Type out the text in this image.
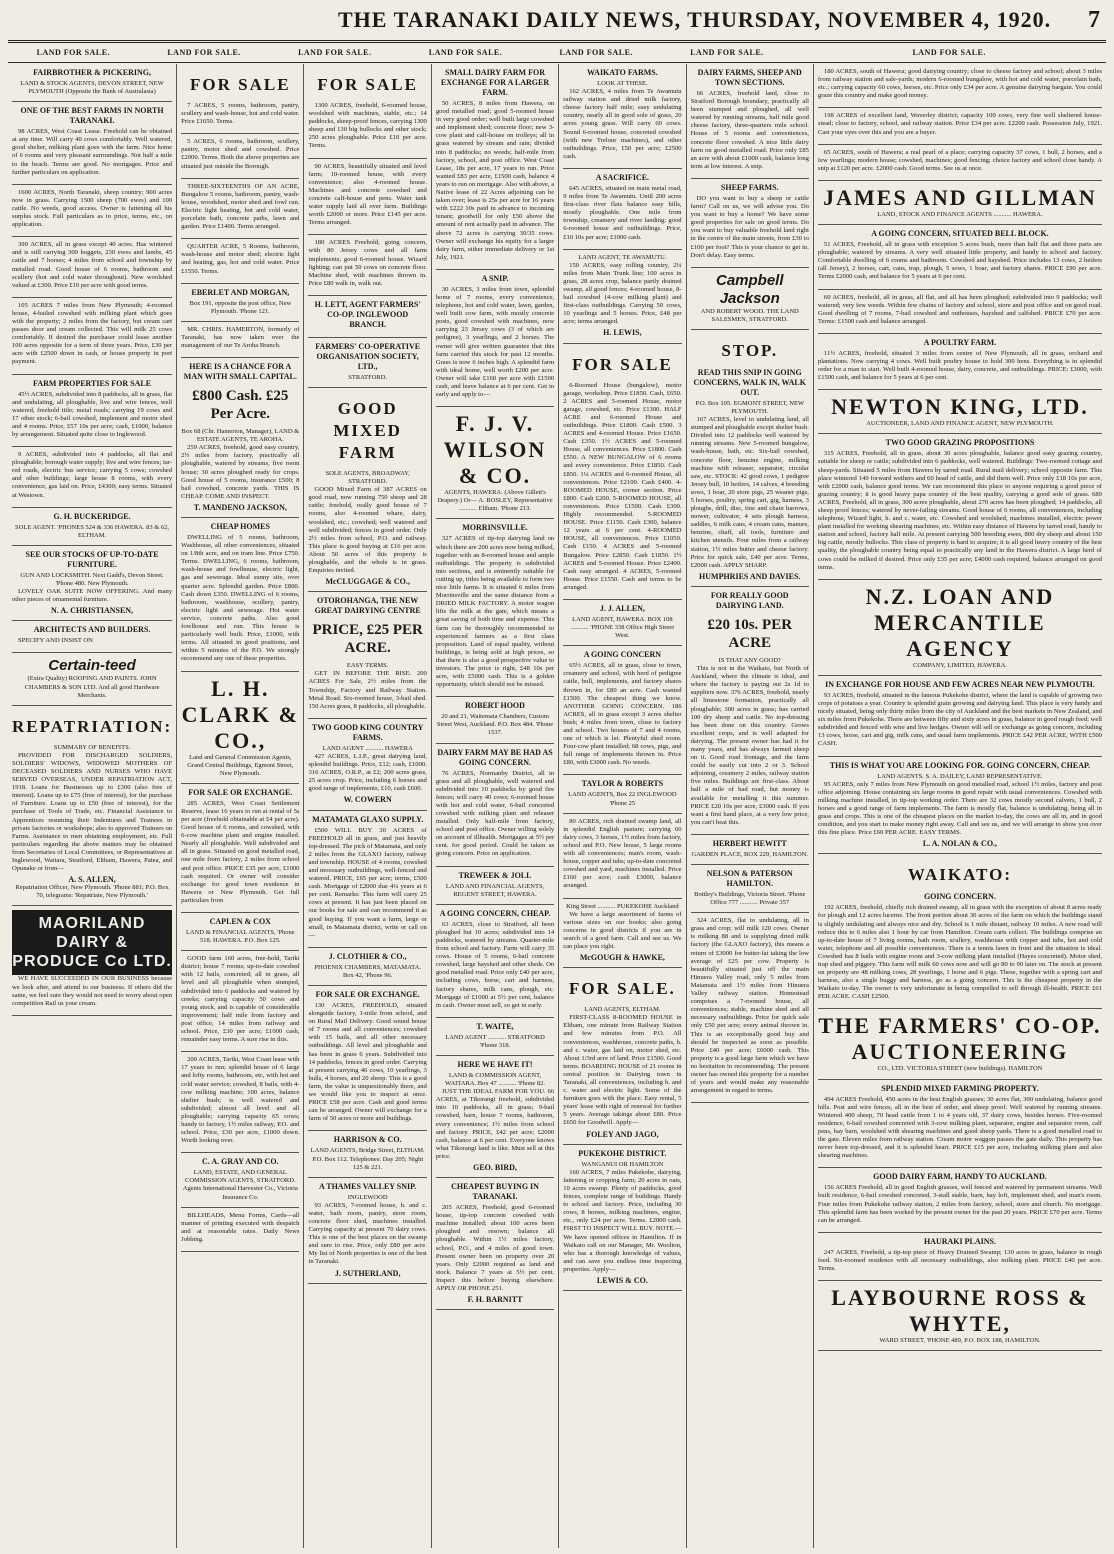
THE TARANAKI DAILY NEWS, THURSDAY, NOVEMBER 4, 1920. 7
LAND FOR SALE.	LAND FOR SALE.	LAND FOR SALE.	LAND FOR SALE.	LAND FOR SALE.	LAND FOR SALE.	LAND FOR SALE.
FAIRBROTHER & PICKERING,
LAND & STOCK AGENTS, DEVON STREET, NEW PLYMOUTH (Opposite the Bank of Australasia)
ONE OF THE BEST FARMS IN NORTH TARANAKI.

98 ACRES, West Coast Lease. Freehold can be obtained at any time. Will carry 40 cows comfortably. Well watered, good shelter, milking plant goes with the farm. Nice home of 6 rooms and very pleasant surroundings. Not half a mile to the beach. Terms are good. No mortgages. Price and further particulars on application.

1600 ACRES, North Taranaki, sheep country; 900 acres now in grass. Carrying 1500 sheep (700 ewes) and 100 cattle. No weeds, good access. Owner is fattening all his surplus stock. Full particulars as to price, terms, etc., on application.

390 ACRES, all in grass except 40 acres. Has wintered and is still carrying 300 hoggets, 230 ewes and lambs, 45 cattle and 7 horses; 4 miles from school and township by metalled road. Good house of 6 rooms, bathroom and scullery (hot and cold water throughout). New woolshed valued at £300. Price £10 per acre with good terms.

105 ACRES 7 miles from New Plymouth; 4-roomed house, 4-bailed cowshed with milking plant which goes with the property; 2 miles from the factory, but cream cart passes door and cream collected. This will milk 25 cows comfortably. If desired the purchaser could lease another 100 acres opposite for a term of three years. Price, £30 per acre with £2500 down in cash, or house property in port payment.

FARM PROPERTIES FOR SALE

45½ ACRES, subdivided into 8 paddocks, all in grass, flat and undulating, all ploughable, live and wire fences, well watered, freehold title; metal roads; carrying 19 cows and 17 other stock; 6-bail cowshed, implement and motor shed and 4 rooms. Price, £57 10s per acre; cash, £1000, balance by arrangement. Situated quite close to Inglewood.

9 ACRES, subdivided into 4 paddocks, all flat and ploughable; borough water supply; live and wire fences; tar-red roads, electric bus service; carrying 5 cows; cowshed and other buildings; large house 8 rooms, with every convenience, gas laid on. Price, £4300; easy terms. Situated at Westown.

G. H. BUCKERIDGE.
SOLE AGENT. 'PHONES 524 & 336 HAWERA. 83 & 62, ELTHAM.
SEE OUR STOCKS OF UP-TO-DATE FURNITURE.
GUN AND LOCKSMITH. Next Gadd's, Devon Street. 'Phone 480. New Plymouth.

LOVELY OAK SUITE NOW OFFERING. And many other pieces of ornamental furniture.

N. A. CHRISTIANSEN,
ARCHITECTS AND BUILDERS.

SPECIFY AND INSIST ON

Certain-teed
(Extra Quality) ROOFING AND PAINTS. JOHN CHAMBERS & SON LTD. And all good Hardware Merchants.
REPATRIATION:
SUMMARY OF BENEFITS.

PROVIDED FOR DISCHARGED SOLDIERS, SOLDIERS' WIDOWS, WIDOWED MOTHERS OF DECEASED SOLDIERS AND NURSES WHO HAVE SERVED OVERSEAS, UNDER REPATRIATION ACT, 1918. Loans for Businesses up to £300 (also free of interest). Loans up to £75 (free of interest), for the purchase of Furniture. Loans up to £50 (free of interest), for the purchase of Tools of Trade, etc. Financial Assistance to Apprentices resuming their Indentures and Trainees in private factories or workshops; also to approved Trainees on Farms. Assistance to men obtaining employment, etc. Full particulars regarding the above matters may be obtained from Secretaries of Local Committees, or Representatives at Inglewood, Waitara, Stratford, Eltham, Hawera, Patea, and Opunake or from—

A. S. ALLEN,
Repatriation Officer, New Plymouth. 'Phone 881; P.O. Box 70, telegrams: 'Repatriate, New Plymouth.'
MAORILAND DAIRY & PRODUCE Co LTD.

WE HAVE SUCCEEDED IN OUR BUSINESS because we look after, and attend to our business. If others did the same, we feel sure they would not need to worry about open competition Rail us your cream.

FOR SALE

7 ACRES, 5 rooms, bathroom, pantry, scullery and wash-house, hot and cold water. Price £1650. Terms.

5 ACRES, 6 rooms, bathroom, scullery, pantry, motor shed and cowshed. Price £2000. Terms. Both the above properties are situated just outside the Borough.

THREE-SIXTEENTHS OF AN ACRE, Bungalow 5 rooms, bathroom, pantry, wash-house, woodshed, motor shed and fowl run. Electric light heating, hot and cold water, porcelain bath, concrete paths, lawn and garden. Price £1400. Terms arranged.

QUARTER ACRE, 5 Rooms, bathroom, wash-house and motor shed; electric light and heating, gas, hot and cold water. Price £1550. Terms.

EBERLET AND MORGAN,
Box 191, opposite the post office, New Plymouth. 'Phone 121.

MR. CHRIS. HAMERTON, formerly of Taranaki, has now taken over the management of our Te Aroha Branch.

HERE IS A CHANCE FOR A MAN WITH SMALL CAPITAL.
£800 Cash. £25 Per Acre.
Box 68 (Chr. Hamerton, Manager), LAND & ESTATE AGENTS, TE AROHA.

259 ACRES, freehold, good easy country, 2½ miles from factory, practically all ploughable, watered by streams, five room house; 30 acres ploughed ready for crops. Good house of 5 rooms, insurance £500; 8 bail cowshed, concrete yards. THIS IS CHEAP. COME AND INSPECT.

T. MANDENO JACKSON,
CHEAP HOMES

DWELLING of 5 rooms, bathroom, Washhouse, all other conveniences, situated on 1/8th acre, and on tram line. Price £750. Terms. DWELLING, 6 rooms, bathroom, wash-house and fowlhouse, electric light, gas and sewerage. Ideal sunny site, over quarter acre. Splendid garden. Price £800. Cash down £350. DWELLING of 6 rooms, bathroom, washhouse, scullery, pantry, electric light and sewerage. Hot water service, concrete paths. Also good fowlhouse and run. This house is particularly well built. Price, £1000, with terms. All situated in good positions, and within 5 minutes of the P.O. We strongly recommend any one of these properties.

L. H. CLARK & CO.,
Land and General Commission Agents, Grand Central Buildings, Egmont Street, New Plymouth.
FOR SALE OR EXCHANGE.

285 ACRES, West Coast Settlement Reserve, lease 16 years to run at rental of 5s per acre (freehold obtainable at £4 per acre). Good house of 6 rooms, and cowshed, with 6-cow machine plant and engine installed. Nearly all ploughable. Well subdivided and all in grass. Situated on good metalled road, one mile from factory, 2 miles from school and post office. PRICE £35 per acre, £1000 cash required. Or owner will consider exchange for good town residence in Hawera or New Plymouth. Get full particulars from

CAPLEN & COX
LAND & FINANCIAL AGENTS, 'Phone 518. HAWERA. P.O. Box 125.

GOOD farm 160 acres, free-hold, Tariki district; house 7 rooms; up-to-date cowshed with 12 bails, concreted; all in grass, all level and all ploughable when stumped, subdivided into 6 paddocks and watered by creeks; carrying capacity 50 cows and young stock, and is capable of considerable improvement; half mile from factory and post office, 14 miles from railway and school. Price, £30 per acre; £1000 cash, remainder easy terms. A sure rise in this.

200 ACRES, Tariki, West Coast lease with 17 years to run; splendid house of 6 large and lofty rooms, bathroom, etc, with hot and cold water service; cowshed, 8 bails, with 4-cow milking machine; 100 acres, balance shelter bush; is well watered and subdivided; almost all level and all ploughable; carrying capacity 65 cows; handy to factory, 1½ miles railway, P.O. and school. Price, £30 per acre, £1000 down. Worth looking over.

C. A. GRAY AND CO.
LAND, ESTATE, AND GENERAL COMMISSION AGENTS, STRATFORD. Agents International Harvester Co., Victoria Insurance Co.

BILLHEADS, Menu Forms, Cards—all manner of printing executed with despatch and at reasonable rates. Daily News Jobbing.

FOR SALE

1300 ACRES, freehold, 6-roomed house, woolshed with machines, stable, etc.; 14 paddocks, sheep-proof fences, carrying 1300 sheep and 130 big bullocks and other stock; 250 acres ploughable. Price £10 per acre. Terms.

90 ACRES, beautifully situated and level farm; 10-roomed house, with every convenience; also 4-roomed house. Machines and concrete cowshed and concrete calf-house and pens. Water tank water supply laid all over farm. Buildings worth £2000 or more. Price £145 per acre. Terms arranged.

180 ACRES Freehold, going concern, with 80 Jersey cows and all farm implements; good 6-roomed house. Wizard lighting; can put 50 cows on concrete floor. Machine shed, with machines thrown in. Price £80 walk in, walk out.

H. LETT, AGENT FARMERS' CO-OP. INGLEWOOD BRANCH.
FARMERS' CO-OPERATIVE ORGANISATION SOCIETY, LTD.,
STRATFORD.
GOOD MIXED FARM
SOLE AGENTS, BROADWAY, STRATFORD.

GOOD Mixed Farm of 387 ACRES on good road, now running 750 sheep and 28 cattle; freehold, really good house of 7 rooms, also 4-roomed whare, dairy, woolshed, etc.; cowshed; well watered and well subdivided; fences in good order. Only 2½ miles from school, P.O. and railway. This place is good buying at £16 per acre. About 50 acres of this property is ploughable, and the whole is in grass. Enquiries invited.

McCLUGGAGE & CO.,
OTOROHANGA, THE NEW GREAT DAIRYING CENTRE
PRICE, £25 PER ACRE.
EASY TERMS.

GET IN BEFORE THE RISE. 200 ACRES For Sale, 2½ miles from the Township, Factory and Railway Station. Metal Road. Six-roomed house, 3-bail shed. 150 Acres grass, 8 paddocks, all ploughable.

TWO GOOD KING COUNTRY FARMS.
LAND AGENT ........... HAWERA

427 ACRES, L.I.P., great dairying land, splendid buildings. Price, £12; cash, £1000. 316 ACRES, O.R.P., at £2; 200 acres grass, 25 acres crop. Price, including 6 horses and good range of implements, £10, cash £600.

W. COWERN
MATAMATA GLAXO SUPPLY.

£500 WILL BUY 30 ACRES of FREEHOLD all in grass, and just heavily top-dressed. The pick of Matamata, and only 2 miles from the GLAXO factory, railway and township. HOUSE of 4 rooms, cowshed and necessary outbuildings, well-fenced and watered. PRICE, £65 per acre; terms, £500 cash. Mortgage of £2000 due 4¼ years at 6 per cent. Remarks: This farm will carry 25 cows at present. It has just been placed on our books for sale and can recommend it as good buying. If you want a farm, large or small, in Matamata district, write or call on—

J. CLOTHIER & CO.,
PHOENIX CHAMBERS, MATAMATA. Box 42, 'Phone 96.
FOR SALE OR EXCHANGE.

130 ACRES, FREEHOLD, situated alongside factory, 1-mile from school, and on Rural Mail Delivery. Good sound house of 7 rooms and all conveniences; cowshed with 15 bails, and all other necessary outbuildings. All level and ploughable and has been in grass 6 years. Subdivided into 14 paddocks, fences in good order. Carrying at present carrying 46 cows, 10 yearlings, 3 bulls, 4 horses, and 20 sheep. This is a good farm, the value is unquestionably there, and we would like you to inspect at once. PRICE £58 per acre. Cash and good terms can be arranged. Owner will exchange for a farm of 50 acres or more and buildings.

HARRISON & CO.
LAND AGENTS, Bridge Street, ELTHAM. P.O. Box 112. Telephones: Day 205; Night 125 & 221.
A THAMES VALLEY SNIP.
INGLEWOOD

93 ACRES, 7-roomed house, h. and c. water, bath room, pantry, store room, concrete floor shed, machines installed. Carrying capacity at present 70 dairy cows. This is one of the best places on the swamp and sure to rise. Price, only £80 per acre. My list of North properties is one of the best in Taranaki.

J. SUTHERLAND,
SMALL DAIRY FARM FOR EXCHANGE FOR A LARGER FARM.

50 ACRES, 8 miles from Hawera, on good metalled road; good 5-roomed house in very good order; well built large cowshed and implement shed; concrete floor; new 3-cow plant and calf-house on trolleys; all in grass watered by stream and rain; divided into 8 paddocks; no weeds; half-mile from factory, school, and post office. West Coast Lease, 18s per acre, 17 years to run. Price wanted £83 per acre, £1500 cash, balance 4 years to run on mortgage. Also with above, a Native lease of 22 Acres adjoining can be taken over; lease is 25s per acre for 16 years with £222 10s paid in advance to incoming tenant; goodwill for only £50 above the amount of rent actually paid in advance. The above 72 acres is carrying 30/35 cows. Owner will exchange his equity for a larger dairy farm, either immediate delivery or 1st July, 1921.

A SNIP.

30 ACRES, 3 miles from town, splendid home of 7 rooms, every convenience, telephone, hot and cold water, lawn, garden, well built cow farm, with mostly concrete posts, good cowshed with machines, now carrying 23 Jersey cows (3 of which are pedigree), 3 yearlings, and 2 horses. The owner will give written guarantee that this farm carried this stock for past 12 months. Grass is now 6 inches high. A splendid farm with ideal home, well worth £200 per acre. Owner will take £160 per acre with £1500 cash, and leave balance at 6 per cent. Get in early and apply to—

F. J. V. WILSON & CO.
AGENTS, HAWERA. (Above Gillett's Drapery.) Or— A. BOSLEY, Representative ........... Eltham. 'Phone 213.
MORRINSVILLE.

327 ACRES of tip-top dairying land on which there are 200 acres now being milked, together with an 8-roomed house and ample outbuildings. The property is subdivided into sections, and is eminently suitable for cutting up, titles being available to form two nice little farms. It is situated 6 miles from Morrinsville and the same distance from a DRIED MILK FACTORY. A motor wagon lifts the milk at the gate, which means a great saving of both time and expense. This farm can be thoroughly recommended to experienced farmers as a first class proposition. Land of equal quality, without buildings, is being sold at high prices, so that there is also a good prospective value to investors. The price is right, £48 10s per acre, with £5000 cash. This is a golden opportunity, which should not be missed.

ROBERT HOOD
20 and 21, Waitemata Chambers, Custom Street West, Auckland. P.O. Box 484. 'Phone 1537.
DAIRY FARM MAY BE HAD AS GOING CONCERN.

76 ACRES, Normanby District, all in grass and all ploughable, well watered and subdivided into 10 paddocks by good fire fences; will carry 40 cows; 6-roomed house with hot and cold water, 6-bail concreted cowshed with milking plant and releaser installed. Only half-mile from factory, school and post office. Owner willing solely on account of illhealth. Mortgages at 5½ per cent. for good period. Could be taken as going concern. Price on application.

TREWEEK & JOLL
LAND AND FINANCIAL AGENTS, REGENT STREET, HAWERA.
A GOING CONCERN, CHEAP.

63 ACRES, close to Stratford, all been ploughed but 10 acres; subdivided into 14 paddocks, watered by streams. Quarter-mile from school and factory. Farm will carry 35 cows. House of 5 rooms, 6-bail concrete cowshed, large hayshed and other sheds. On good metalled road. Price only £40 per acre, including cows, horse, cart and harness, factory shares, milk cans, plough, etc. Mortgage of £1000 at 5½ per cent, balance in cash. Owner must sell, so get in early.

T. WAITE,
LAND AGENT ........... STRATFORD 'Phone 318.
HERE WE HAVE IT!
LAND & COMMISSION AGENT, WAITARA. Box 47 ........... 'Phone 82.

JUST THE IDEAL FARM FOR YOU. 66 ACRES, at Tikorangi freehold, subdivided into 10 paddocks, all in grass; 9-bail cowshed, barn, house 7 rooms, bathroom, every convenience; 1½ miles from school and factory. PRICE, £42 per acre; £2000 cash, balance at 6 per cent. Everyone knows what Tikorangi land is like. Must sell at this price.

GEO. BIRD,
CHEAPEST BUYING IN TARANAKI.

205 ACRES, Freehold, good 6-roomed house, tip-top concrete cowshed with machine installed; about 100 acres been ploughed and resown; balance all ploughable. Within 1½ miles factory, school, P.O., and 4 miles of good town. Present owner been on property over 20 years. Only £2000 required as land and stock. Balance 7 years at 5½ per cent. Inspect this before buying elsewhere. APPLY OR PHONE 251.

F. H. BARNITT
WAIKATO FARMS.
LOOK AT THESE.

162 ACRES, 4 miles from Te Awamutu railway station and dried milk factory, cheese factory half mile; easy undulating country, nearly all in good sole of grass, 20 acres young grass. Will carry 60 cows. Sound 6-roomed house, concreted cowshed (with new Trelour machines), and other outbuildings. Price, £50 per acre; £2500 cash.

A SACRIFICE.

645 ACRES, situated on main metal road, 9 miles from Te Awamutu. Until 200 acres first-class river flats balance easy hills, mostly ploughable. One mile from township, creamery and river landing; good 6-roomed house and outbuildings. Price, £10 10s per acre; £1000 cash.

LAND AGENT, TE AWAMUTU.

150 ACRES, easy rolling country, 2¼ miles from Main Trunk line; 100 acres in grass, 28 acres crop, balance partly drained swamp, all good fences; 4-roomed house, 8-bail cowshed (4-cow milking plant) and first-class outbuildings. Carrying 50 cows, 10 yearlings and 5 horses. Price, £48 per acre; terms arranged.

H. LEWIS,
FOR SALE

6-Roomed House (bungalow), motor garage, workshop. Price £1850. Cash, £650. 2 ACRES and 5-roomed House, motor garage, cowshed, etc. Price £1300. HALF ACRE and 6-roomed House and outbuildings. Price £1800. Cash £500. 3 ACRES and 4-roomed House. Price £1650. Cash £350. 1½ ACRES and 5-roomed House, all conveniences. Price £1800. Cash £550. A NEW BUNGALOW of 6 rooms and every convenience. Price £1850. Cash £850. 1¼ ACRES and 6-roomed House, all conveniences. Price £2100. Cash £400. 4-ROOMED HOUSE, corner section. Price £800. Cash £200. 5-ROOMED HOUSE, all conveniences. Price £1500. Cash £300. Highly recommended. 5-ROOMED HOUSE. Price £1150. Cash £300, balance 12 years at 6 per cent. 4-ROOMED HOUSE, all conveniences. Price £1050. Cash £150. 4 ACRES and 5-roomed Bungalow. Price £2850. Cash £1850. 1½ ACRES and 5-roomed House. Price £2400. Cash easy arranged. 4 ACRES, 5-roomed House. Price £1550. Cash and terms to be arranged.

J. J. ALLEN,
LAND AGENT, HAWERA. BOX 108 ........... 'PHONE 338 Office High Street West.
A GOING CONCERN

65½ ACRES, all in grass, close to town, creamery and school, with herd of pedigree cattle, bull, implements, and factory shares thrown in, for £80 an acre. Cash wanted £1500. The cheapest thing we know. ANOTHER GOING CONCERN. 186 ACRES, all in grass except 3 acres shelter bush; 4 miles from town, close to factory and school. Two houses of 7 and 4 rooms, one of which is let. Plentyful shed room. Four-cow plant installed; 68 cows, pigs, and full range of implements thrown in. Price £80, with £3000 cash. No weeds.

TAYLOR & ROBERTS
LAND AGENTS, Box 22 INGLEWOOD 'Phone 25

80 ACRES, rich drained swamp land, all in splendid English pasture; carrying 60 dairy cows, 3 horses, 1½ miles from factory, school and P.O. New house, 5 large rooms with all conveniences; man's room, wash-house, copper and tubs; up-to-date concreted cowshed and yard, machines installed. Price £160 per acre; cash £3000, balance arranged.

King Street ........... PUKEKOHE Auckland

We have a large assortment of farms of various sizes on our books; also going concerns in good districts if you are in search of a good farm. Call and see us. We can place you right.

McGOUGH & HAWKE,
FOR SALE.
LAND AGENTS, ELTHAM.

FIRST-CLASS 8-ROOMED HOUSE in Eltham, one minute from Railway Station and few minutes from P.O. All conveniences, washhouse, concrete paths, h. and c. water, gas laid on, motor shed, etc. About 1/3rd acre of land. Price £1500. Good terms. BOARDING HOUSE of 21 rooms in central position in Dairying town in Taranaki, all conveniences, including h. and c. water and electric light. Some of the furniture goes with the place. Easy rental, 5 years' lease with right of renewal for further 5 years. Average takings about £80. Price £650 for Goodwill. Apply—

FOLEY AND JAGO,
PUKEKOHE DISTRICT.
WANGANUI OR HAMILTON

160 ACRES, 7 miles Pukekohe, dairying, fattening or cropping farm; 20 acres in oats, 10 acres swamp. Plenty of paddocks, good fences, complete range of buildings. Handy to school and factory. Price, including 30 cows, 8 horses, milking machines, engine, etc., only £24 per acre. Terms. £2000 cash. FIRST TO INSPECT WILL BUY. NOTE.—We have opened offices in Hamilton. If in Waikato call on our Manager, Mr. Woolton, who has a thorough knowledge of values, and can save you endless time inspecting properties. Apply—

LEWIS & CO.
DAIRY FARMS, SHEEP AND TOWN SECTIONS.

66 ACRES, freehold land, close to Stratford Borough boundary, practically all been stumped and ploughed, all well watered by running streams, half mile good cheese factory, three-quarters mile school. House of 5 rooms and conveniences, concrete floor cowshed. A nice little dairy farm on good metalled road. Price only £85 an acre with about £1000 cash, balance long term at low interest. A snip.

SHEEP FARMS.

DO you want to buy a sheep or cattle farm? Call on us, we will advise you. Do you want to buy a home? We have some good properties for sale on good terms. Do you want to buy valuable freehold land right in the centre of the main streets, from £30 to £100 per foot? This is your chance to get in. Don't delay. Easy terms.

Campbell Jackson
AND ROBERT WOOD. THE LAND SALESMEN, STRATFORD.
STOP.
READ THIS SNIP IN GOING CONCERNS, WALK IN, WALK OUT.
P.O. Box 105. EGMONT STREET, NEW PLYMOUTH.

167 ACRES, level to undulating land, all stumped and ploughable except shelter bush. Divided into 12 paddocks well watered by running streams. New 5-roomed bungalow, wash-house, bath, etc. Six-bail cowshed, concrete floor, benzine engine, milking machine with releaser, separator, circular saw, etc. STOCK: 42 good cows, 1 pedigree Jersey bull, 10 heifers, 14 calves, 4 breeding sows, 1 boar, 20 store pigs, 25 weaner pigs, 5 horses, poultry, spring cart, gig, harness, 3 ploughs, drill, disc, tine and chain harrows, mower, cultivator, 4 sets plough harness, saddles, 6 milk cans, 4 cream cans, manure, benzine, chaff, all tools, furniture and kitchen utensils. Four miles from a railway station, 1½ miles butter and cheese factory. Price for quick sale, £40 per acre. Terms, £2000 cash. APPLY SHARP.

HUMPHRIES AND DAVIES.
FOR REALLY GOOD DAIRYING LAND.
£20 10s. PER ACRE
IS THAT ANY GOOD?

This is not in the Waikato, but North of Auckland, where the climate is ideal, and where the factory is paying out 2s 1d to suppliers now. 376 ACRES, freehold, nearly all limestone formation, practically all ploughable; 300 acres in grass; has carried 100 dry sheep and cattle. No top-dressing has been done on this country. Grows excellent crops, and is well adapted for dairying. The present owner has had it for many years, and has always farmed sheep on it. Good road frontage, and the farm could be easily cut into 2 or 3. School adjoining, creamery 2 miles, railway station five miles. Buildings are first-class. About half a mile of bad road, but money is available for metalling it this summer. PRICE £20 10s per acre, £3000 cash. If you want a first hand place, at a very low price, you can't beat this.

HERBERT HEWITT
GARDEN PLACE, BOX 229, HAMILTON.
NELSON & PATERSON HAMILTON.
Bottley's Buildings, Victoria Street. 'Phone Office 777 ........... Private 357

324 ACRES, flat to undulating, all in grass and crop; will milk 120 cows. Owner is milking 88 and is supplying dried milk factory (the GLAXO factory), this means a return of £3000 for butter-fat taking the low average of £25 per cow. Property is beautifully situated just off the main Hinuera Valley road, only 5 miles from Matamata and 1½ miles from Hinuera Valley railway station. Homestead comprises a 7-roomed house, all conveniences; stable, machine shed and all necessary outbuildings. Price for quick sale only £50 per acre; every animal thrown in. This is an exceptionally good buy and should be inspected as soon as possible. Price £40 per acre; £6000 cash. This property is a good large farm which we have no hesitation in recommending. The present owner has owned this property for a number of years and would make any reasonable arrangement in regard to terms.

180 ACRES, south of Hawera; good dairying country; close to cheese factory and school; about 3 miles from railway station and sale-yards; modern 6-roomed bungalow, with hot and cold water, porcelain bath, etc.; carrying capacity 60 cows, horses, etc. Price only £34 per acre. A genuine dairying bargain. You could graze this country and make good money.

198 ACRES of excellent land, Waverley district; capacity 100 cows, very fine well sheltered house-stead; close to factory, school, and railway station. Price £34 per acre. £2200 cash. Possession July, 1921. Cast your eyes over this and you are a buyer.

65 ACRES, south of Hawera; a real pearl of a place; carrying capacity 37 cows, 1 bull, 2 horses, and a few yearlings; modern house; cowshed, machines; good fencing; choice factory and school close handy. A snip at £120 per acre. £2000 cash. Good terms. See us at once.

JAMES AND GILLMAN
LAND, STOCK AND FINANCE AGENTS ........... HAWERA.
A GOING CONCERN, SITUATED BELL BLOCK.

51 ACRES, Freehold, all in grass with exception 5 acres bush, more than half flat and three parts are ploughable; watered by streams. A very well situated little property, and handy to school and factory. Comfortable dwelling of 6 rooms and bathroom. Cowshed and hayshed. Price includes 13 cows, 2 heifers (all Jersey), 2 horses, cart, cans, trap, plough, 5 sows, 1 boar, and factory shares. PRICE £90 per acre. Terms £2000 cash, and balance for 5 years at 6 per cent.

60 ACRES, freehold, all in grass, all flat, and all has been ploughed; subdivided into 9 paddocks; well watered; very few weeds. Within few chains of factory and school, store and post office and on good road. Good dwelling of 7 rooms, 7-bail cowshed and outhouses, hayshed and calfshed. PRICE £70 per acre. Terms: £1500 cash and balance arranged.

A POULTRY FARM.

11½ ACRES, freehold, situated 3 miles from centre of New Plymouth, all in grass, orchard and plantations. Now carrying 4 cows. Well built poultry house to hold 300 hens. Everything is in splendid order for a man to start. Well built 4-roomed house, dairy, concrete, and outbuildings. PRICE: £3000, with £1500 cash, and balance for 5 years at 6 per cent.

NEWTON KING, LTD.
AUCTIONEER, LAND AND FINANCE AGENT, NEW PLYMOUTH.
TWO GOOD GRAZING PROPOSITIONS

315 ACRES, Freehold, all in grass, about 30 acres ploughable, balance good easy grazing country, suitable for sheep or cattle; subdivided into 6 paddocks, well watered. Buildings: Two-roomed cottage and sheep-yards. Situated 5 miles from Hawera by tarred road. Rural mail delivery; school opposite farm. This place wintered 140 forward wethers and 60 head of cattle, and did them well. Price only £18 10s per acre, with £2000 cash, balance good terms. We can recommend this place to anyone requiring a good piece of grazing country; it is good heavy papa country of the best quality, carrying a good sole of grass. 689 ACRES, Freehold, all in grass, 300 acres ploughable, about 270 acres has been ploughed; 14 paddocks, all sheep proof fences; watered by never-failing streams. Good house of 6 rooms, all conveniences, including telephone, Wizard light, h. and c. water, etc. Cowshed and woolshed, machines installed, electric power plant installed for working shearing machines, etc. Within easy distance of Hawera by tarred road, handy to station and school, factory half mile. At present carrying 500 breeding ewes, 800 dry sheep and about 150 big cattle, mostly bullocks. This class of property is hard to acquire; it is all good heavy country of the best quality, the ploughable country being equal to practically any land in the Hawera district. A large herd of cows could be milked if desired. Price only £35 per acre; £4000 cash required, balance arranged on good terms.

N.Z. LOAN AND MERCANTILE AGENCY
COMPANY, LIMITED, HAWERA.
IN EXCHANGE FOR HOUSE AND FEW ACRES NEAR NEW PLYMOUTH.

93 ACRES, freehold, situated in the famous Pukekohe district, where the land is capable of growing two crops of potatoes a year. Country is splendid grain growing and dairying land. This place is very handy and nicely situated, being only thirty miles from the city of Auckland and the best markets in New Zealand, and six miles from Pukekohe. There are between fifty and sixty acres in grass, balance in good rough feed; well subdivided and fenced with wire and live hedges. Owner will sell or exchange as going concern, including 13 cows, horse, cart and gig, milk cans, and usual farm implements. PRICE £42 PER ACRE, WITH £500 CASH.

THIS IS WHAT YOU ARE LOOKING FOR. GOING CONCERN, CHEAP.
LAND AGENTS. S. A. DAILEY, LAND REPRESENTATIVE.

95 ACRES, only 7 miles from New Plymouth on good metalled road, school 1½ miles, factory and post office adjoining. House containing six large rooms in good repair with usual conveniences. Cowshed with milking machine installed, in tip-top working order. There are 32 cows mostly second calvers, 1 bull, 2 horses and a good range of farm implements. The farm is mostly flat, balance is undulating, being all in grass and crops. This is one of the cheapest places on the market to-day, the cows are all in, and in good condition, and you start to make money right away. Call and see us, and we will arrange to show you over this fine place. Price £60 PER ACRE. EASY TERMS.

L. A. NOLAN & CO.,
WAIKATO:
GOING CONCERN.

192 ACRES, freehold, chiefly rich drained swamp, all in grass with the exception of about 8 acres ready for plough and 12 acres lucerne. The front portion about 30 acres of the farm on which the buildings stand is slightly undulating and always nice and dry. School is 1 mile distant, railway 10 miles. A new road will reduce this to 6 miles also 1 hour by car from Hamilton. Cream carts collect. The buildings comprise an up-to-date house of 7 living rooms, bath room, scullery, washhouse with copper and tubs, hot and cold water, telephone and all possible conveniences. There is a tennis lawn in front and the situation is ideal. Cowshed has 8 bails with engine room and 3-cow milking plant installed (Hayes concreted). Motor shed, trap shed and piggery. This farm will milk 60 cows now and will go 80 to 90 later on. The stock at present on property are 48 milking cows, 28 yearlings, 1 horse and 6 pigs. These, together with a spring cart and harness, also a single buggy and harness, go as a going concern. This is the cheapest property in the Waikato to-day. The owner is very unfortunate in being compelled to sell through ill-health. PRICE £61 PER ACRE. CASH £2500.

THE FARMERS' CO-OP. AUCTIONEERING
CO., LTD. VICTORIA STREET (new buildings). HAMILTON
SPLENDID MIXED FARMING PROPERTY.

494 ACRES Freehold, 450 acres in the best English grasses; 30 acres flat, 300 undulating, balance good hills. Post and wire fences, all in the best of order, and sheep proof. Well watered by running streams. Wintered 400 sheep, 70 head cattle from 1 to 4 years old, 37 dairy cows, besides horses. Five-roomed residence, 6-bail cowshed concreted with 3-cow milking plant, separator, engine and separator room, calf pens, hay barn, woolshed with shearing machines and good sheep yards. There is a good metalled road to the gate. Eleven miles from railway station. Cream motor waggon passes the gate daily. This property has never been top-dressed, and it is splendid heart. PRICE £15 per acre, including milking plant and also shearing machines.

GOOD DAIRY FARM, HANDY TO AUCKLAND.

156 ACRES Freehold, all in good English grasses, well fenced and watered by permanent streams. Well built residence, 6-bail cowshed concreted, 3-stall stable, barn, hay loft, implement shed, and man's room. Four miles from Pukekohe railway station, 2 miles from factory, school, store and church. No mortgage. This splendid farm has been worked by the present owner for the past 20 years. PRICE £70 per acre. Terms can be arranged.

HAURAKI PLAINS.

247 ACRES, Freehold, a tip-top piece of Heavy Drained Swamp; 130 acres in grass, balance in rough feed. Six-roomed residence with all necessary outbuildings, also milking plant. PRICE £40 per acre. Terms.

LAYBOURNE ROSS & WHYTE,
WARD STREET, 'PHONE 489, P.O. BOX 188, HAMILTON.
